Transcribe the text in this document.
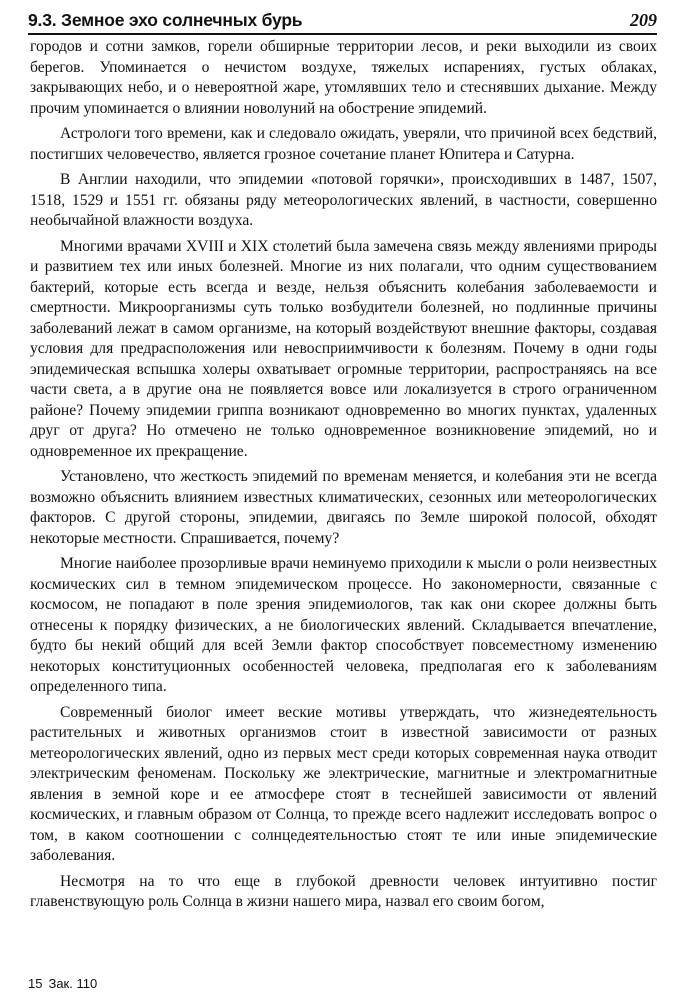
9.3. Земное эхо солнечных бурь	209

городов и сотни замков, горели обширные территории лесов, и реки выходили из своих берегов. Упоминается о нечистом воздухе, тяжелых испарениях, густых облаках, закрывающих небо, и о невероятной жаре, утомлявших тело и стеснявших дыхание. Между прочим упоминается о влиянии новолуний на обострение эпидемий.

Астрологи того времени, как и следовало ожидать, уверяли, что причиной всех бедствий, постигших человечество, является грозное сочетание планет Юпитера и Сатурна.

В Англии находили, что эпидемии «потовой горячки», происходивших в 1487, 1507, 1518, 1529 и 1551 гг. обязаны ряду метеорологических явлений, в частности, совершенно необычайной влажности воздуха.

Многими врачами XVIII и XIX столетий была замечена связь между явлениями природы и развитием тех или иных болезней. Многие из них полагали, что одним существованием бактерий, которые есть всегда и везде, нельзя объяснить колебания заболеваемости и смертности. Микроорганизмы суть только возбудители болезней, но подлинные причины заболеваний лежат в самом организме, на который воздействуют внешние факторы, создавая условия для предрасположения или невосприимчивости к болезням. Почему в одни годы эпидемическая вспышка холеры охватывает огромные территории, распространяясь на все части света, а в другие она не появляется вовсе или локализуется в строго ограниченном районе? Почему эпидемии гриппа возникают одновременно во многих пунктах, удаленных друг от друга? Но отмечено не только одновременное возникновение эпидемий, но и одновременное их прекращение.

Установлено, что жесткость эпидемий по временам меняется, и колебания эти не всегда возможно объяснить влиянием известных климатических, сезонных или метеорологических факторов. С другой стороны, эпидемии, двигаясь по Земле широкой полосой, обходят некоторые местности. Спрашивается, почему?

Многие наиболее прозорливые врачи неминуемо приходили к мысли о роли неизвестных космических сил в темном эпидемическом процессе. Но закономерности, связанные с космосом, не попадают в поле зрения эпидемиологов, так как они скорее должны быть отнесены к порядку физических, а не биологических явлений. Складывается впечатление, будто бы некий общий для всей Земли фактор способствует повсеместному изменению некоторых конституционных особенностей человека, предполагая его к заболеваниям определенного типа.

Современный биолог имеет веские мотивы утверждать, что жизнедеятельность растительных и животных организмов стоит в известной зависимости от разных метеорологических явлений, одно из первых мест среди которых современная наука отводит электрическим феноменам. Поскольку же электрические, магнитные и электромагнитные явления в земной коре и ее атмосфере стоят в теснейшей зависимости от явлений космических, и главным образом от Солнца, то прежде всего надлежит исследовать вопрос о том, в каком соотношении с солнцедеятельностью стоят те или иные эпидемические заболевания.

Несмотря на то что еще в глубокой древности человек интуитивно постиг главенствующую роль Солнца в жизни нашего мира, назвал его своим богом,

15 Зак. 110
